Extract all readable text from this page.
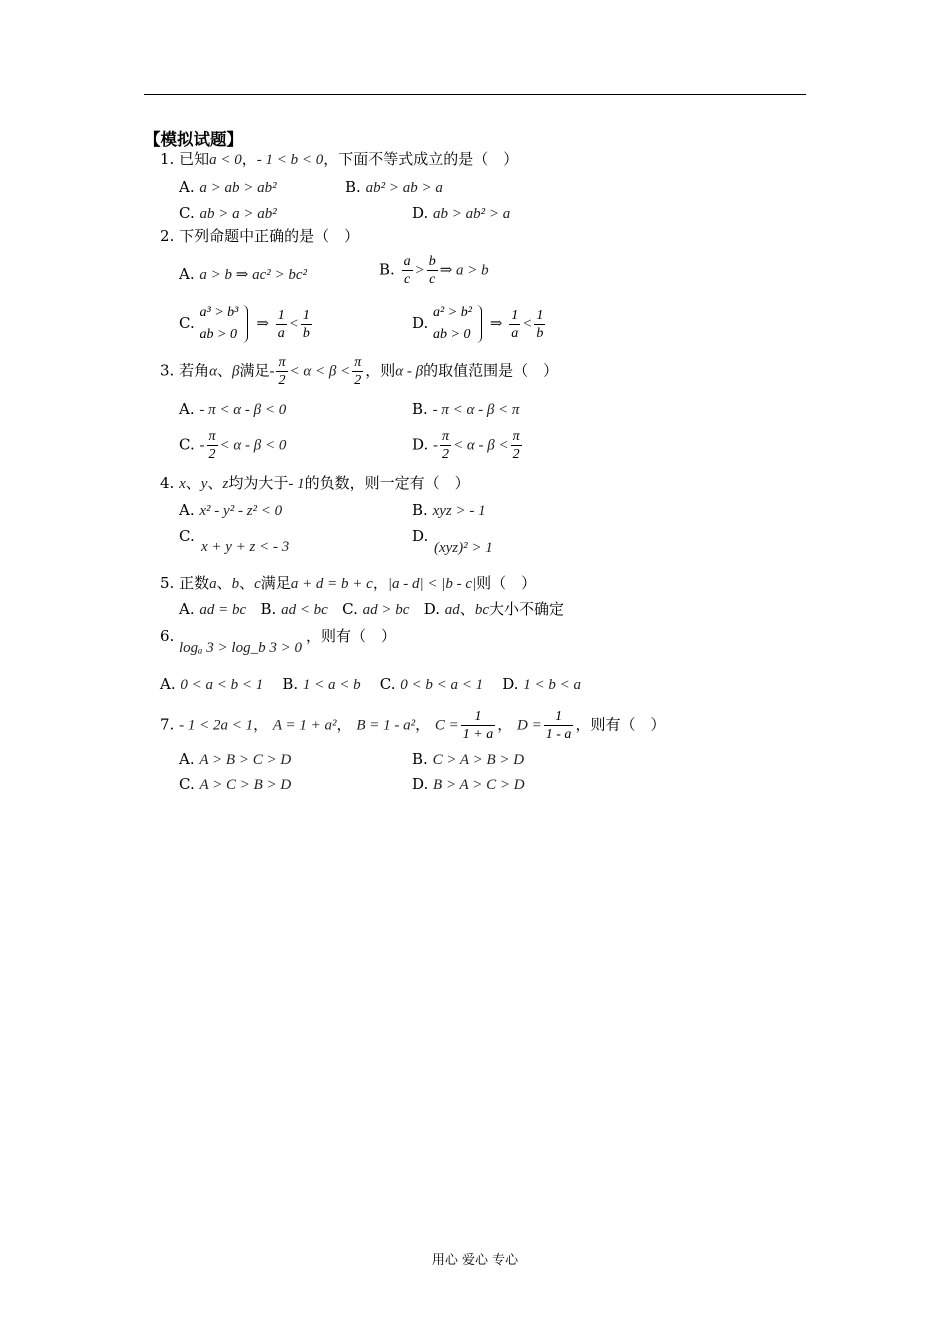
【模拟试题】
1. 已知a < 0，- 1 < b < 0，下面不等式成立的是（　）
A. a > ab > ab²	B. ab² > ab > a
C. ab > a > ab²	D. ab > ab² > a
2. 下列命题中正确的是（　）
A. a > b ⇒ ac² > bc²	B. $\frac{a}{c} > \frac{b}{c}$ ⇒ a > b
C.
a³ > b³
ab > 0
⇒ $\frac{1}{a} < \frac{1}{b}$	D.
a² > b²
ab > 0
⇒ $\frac{1}{a} < \frac{1}{b}$
3. 若角α、β满足- $\frac{\pi}{2} < \alpha < \beta < \frac{\pi}{2}$ ，则α - β的取值范围是（　）
A. - π < α - β < 0	B. - π < α - β < π
C. - $\frac{\pi}{2} < \alpha - \beta < 0$	D. - $\frac{\pi}{2} < \alpha - \beta < \frac{\pi}{2}$
4. x、y、z均为大于- 1的负数，则一定有（　）
A. x² - y² - z² < 0	B. xyz > - 1
C.
x + y + z < - 3
D.
(xyz)² > 1
5. 正数a、b、c满足a + d = b + c，|a - d| < |b - c|则（　）
A. ad = bc B. ad < bc C. ad > bc D. ad、bc大小不确定
6.
logₐ 3 > log_b 3 > 0
，则有（　）
A. 0 < a < b < 1 B. 1 < a < b C. 0 < b < a < 1 D. 1 < b < a
7. - 1 < 2a < 1， A = 1 + a²， B = 1 - a²， $C = \frac{1}{1 + a}$ ， $D = \frac{1}{1 - a}$ ，则有（　）
A. A > B > C > D	B. C > A > B > D
C. A > C > B > D	D. B > A > C > D
用心 爱心 专心
